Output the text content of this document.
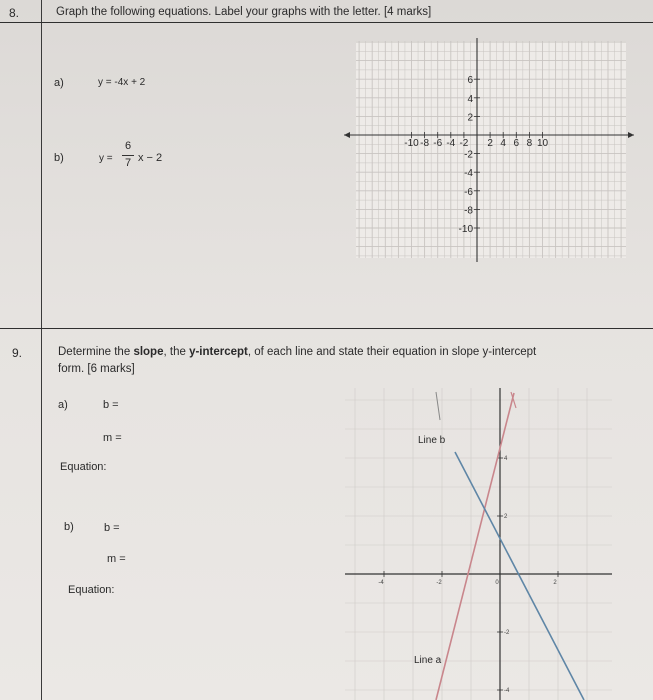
8.	Graph the following equations. Label your graphs with the letter. [4 marks]
a)	y = -4x + 2
b)	y =
6
7 x − 2
-10 -8 -6 -4 -2 2 4 6 8 10
6
4
2
-2
-4
-6
-8
-10
9.	Determine the slope, the y-intercept, of each line and state their equation in slope y-intercept
form. [6 marks]
a)	b =
m =
Equation:
b)	b =
m =
Equation:
-4	-2	0	2
4
2
-2
-4
Line b
Line a
